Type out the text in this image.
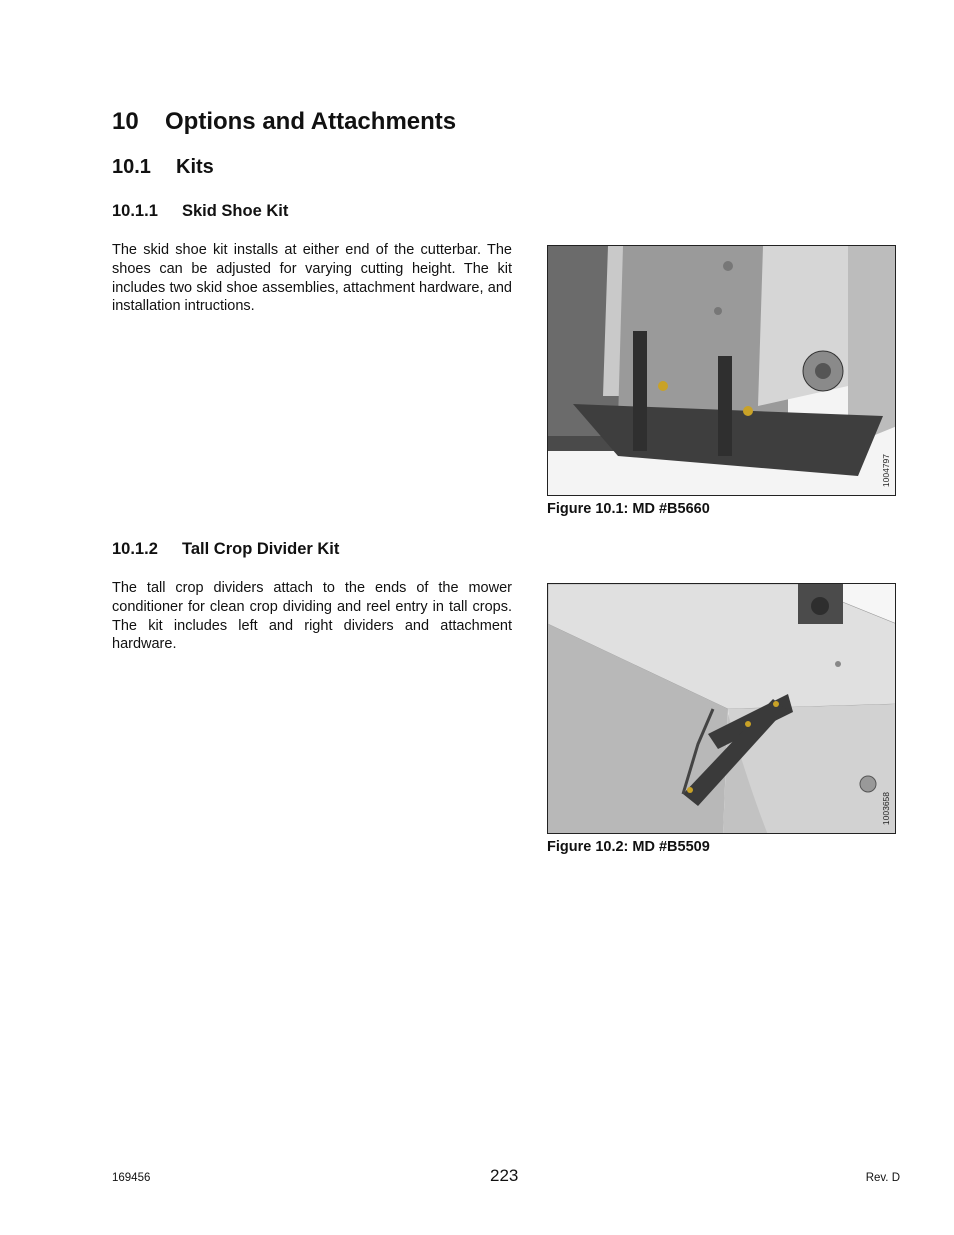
10 Options and Attachments
10.1 Kits
10.1.1 Skid Shoe Kit

The skid shoe kit installs at either end of the cutterbar. The shoes can be adjusted for varying cutting height. The kit includes two skid shoe assemblies, attachment hardware, and installation intructions.

1004797
Figure 10.1: MD #B5660
10.1.2 Tall Crop Divider Kit

The tall crop dividers attach to the ends of the mower conditioner for clean crop dividing and reel entry in tall crops. The kit includes left and right dividers and attachment hardware.

1003658
Figure 10.2: MD #B5509
169456	223	Rev. D
